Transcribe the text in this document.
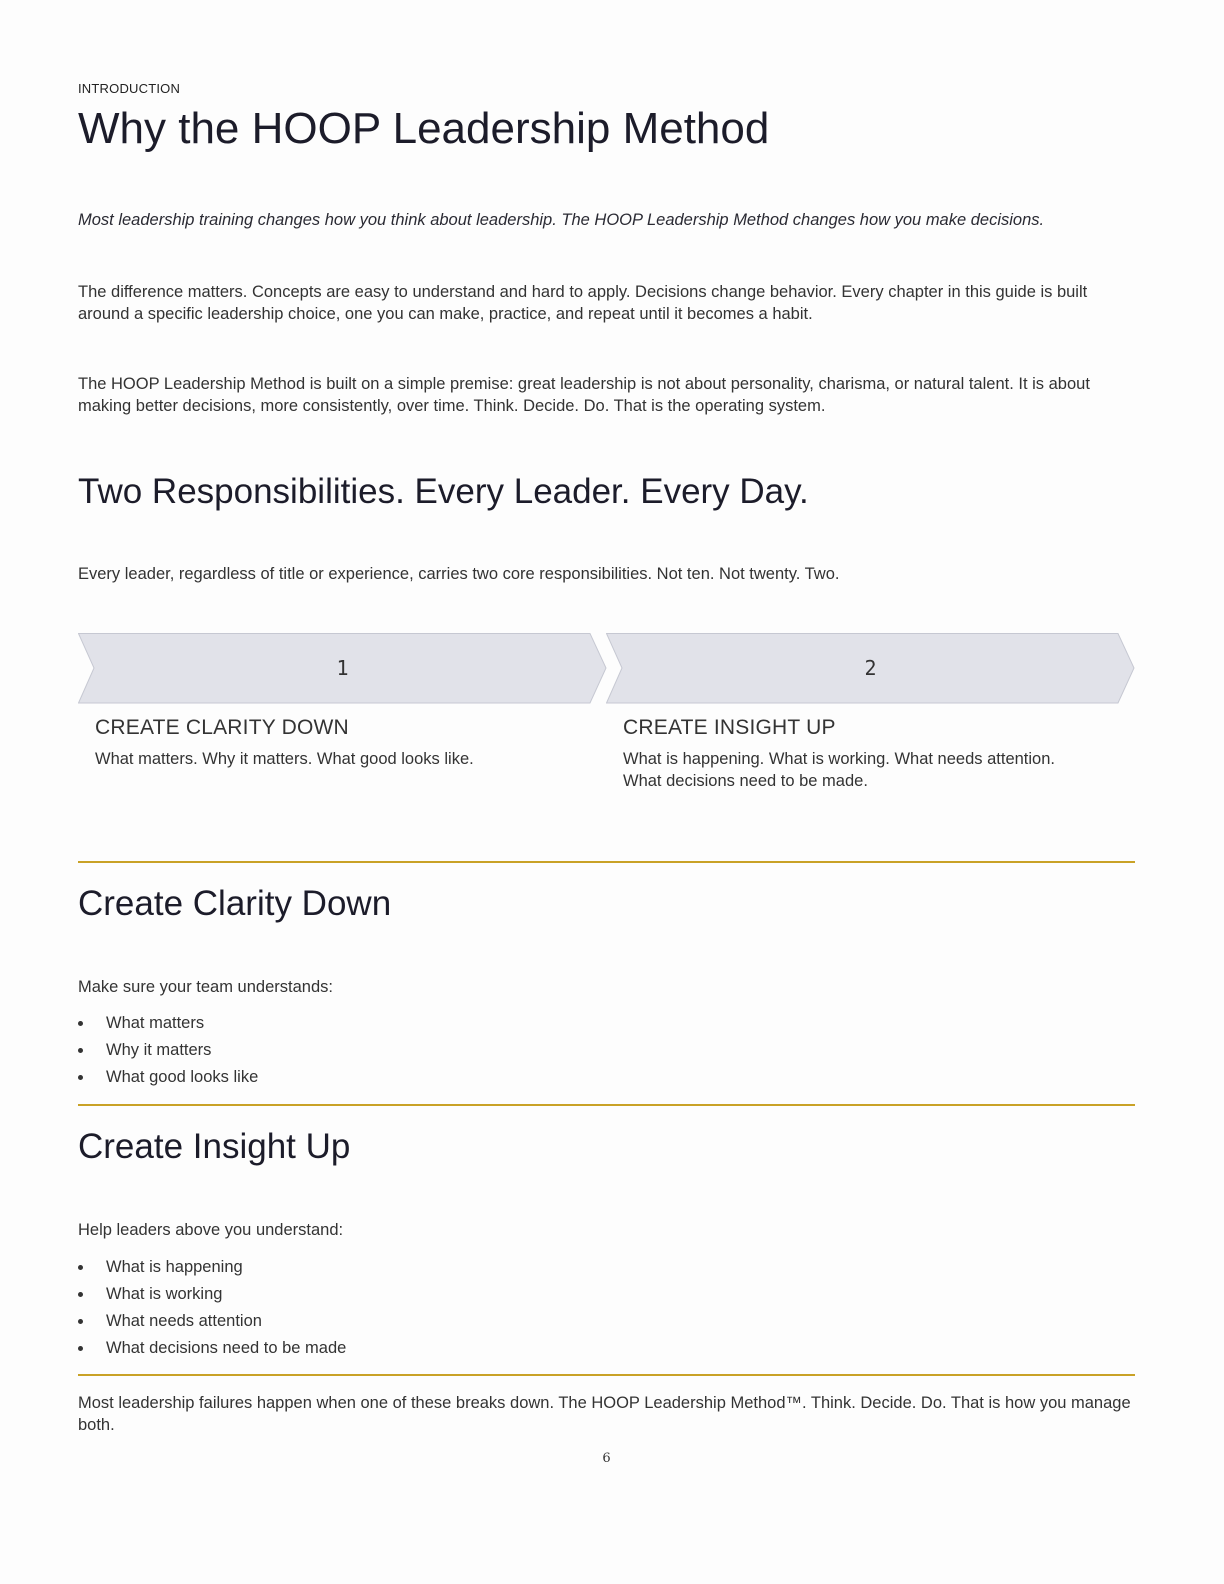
INTRODUCTION
Why the HOOP Leadership Method

Most leadership training changes how you think about leadership. The HOOP Leadership Method changes how you make decisions.

The difference matters. Concepts are easy to understand and hard to apply. Decisions change behavior. Every chapter in this guide is built around a specific leadership choice, one you can make, practice, and repeat until it becomes a habit.

The HOOP Leadership Method is built on a simple premise: great leadership is not about personality, charisma, or natural talent. It is about making better decisions, more consistently, over time. Think. Decide. Do. That is the operating system.

Two Responsibilities. Every Leader. Every Day.

Every leader, regardless of title or experience, carries two core responsibilities. Not ten. Not twenty. Two.

1	2
CREATE CLARITY DOWN

What matters. Why it matters. What good looks like.

CREATE INSIGHT UP

What is happening. What is working. What needs attention. What decisions need to be made.

Create Clarity Down

Make sure your team understands:

What matters
Why it matters
What good looks like
Create Insight Up

Help leaders above you understand:

What is happening
What is working
What needs attention
What decisions need to be made

Most leadership failures happen when one of these breaks down. The HOOP Leadership Method™. Think. Decide. Do. That is how you manage both.

6
